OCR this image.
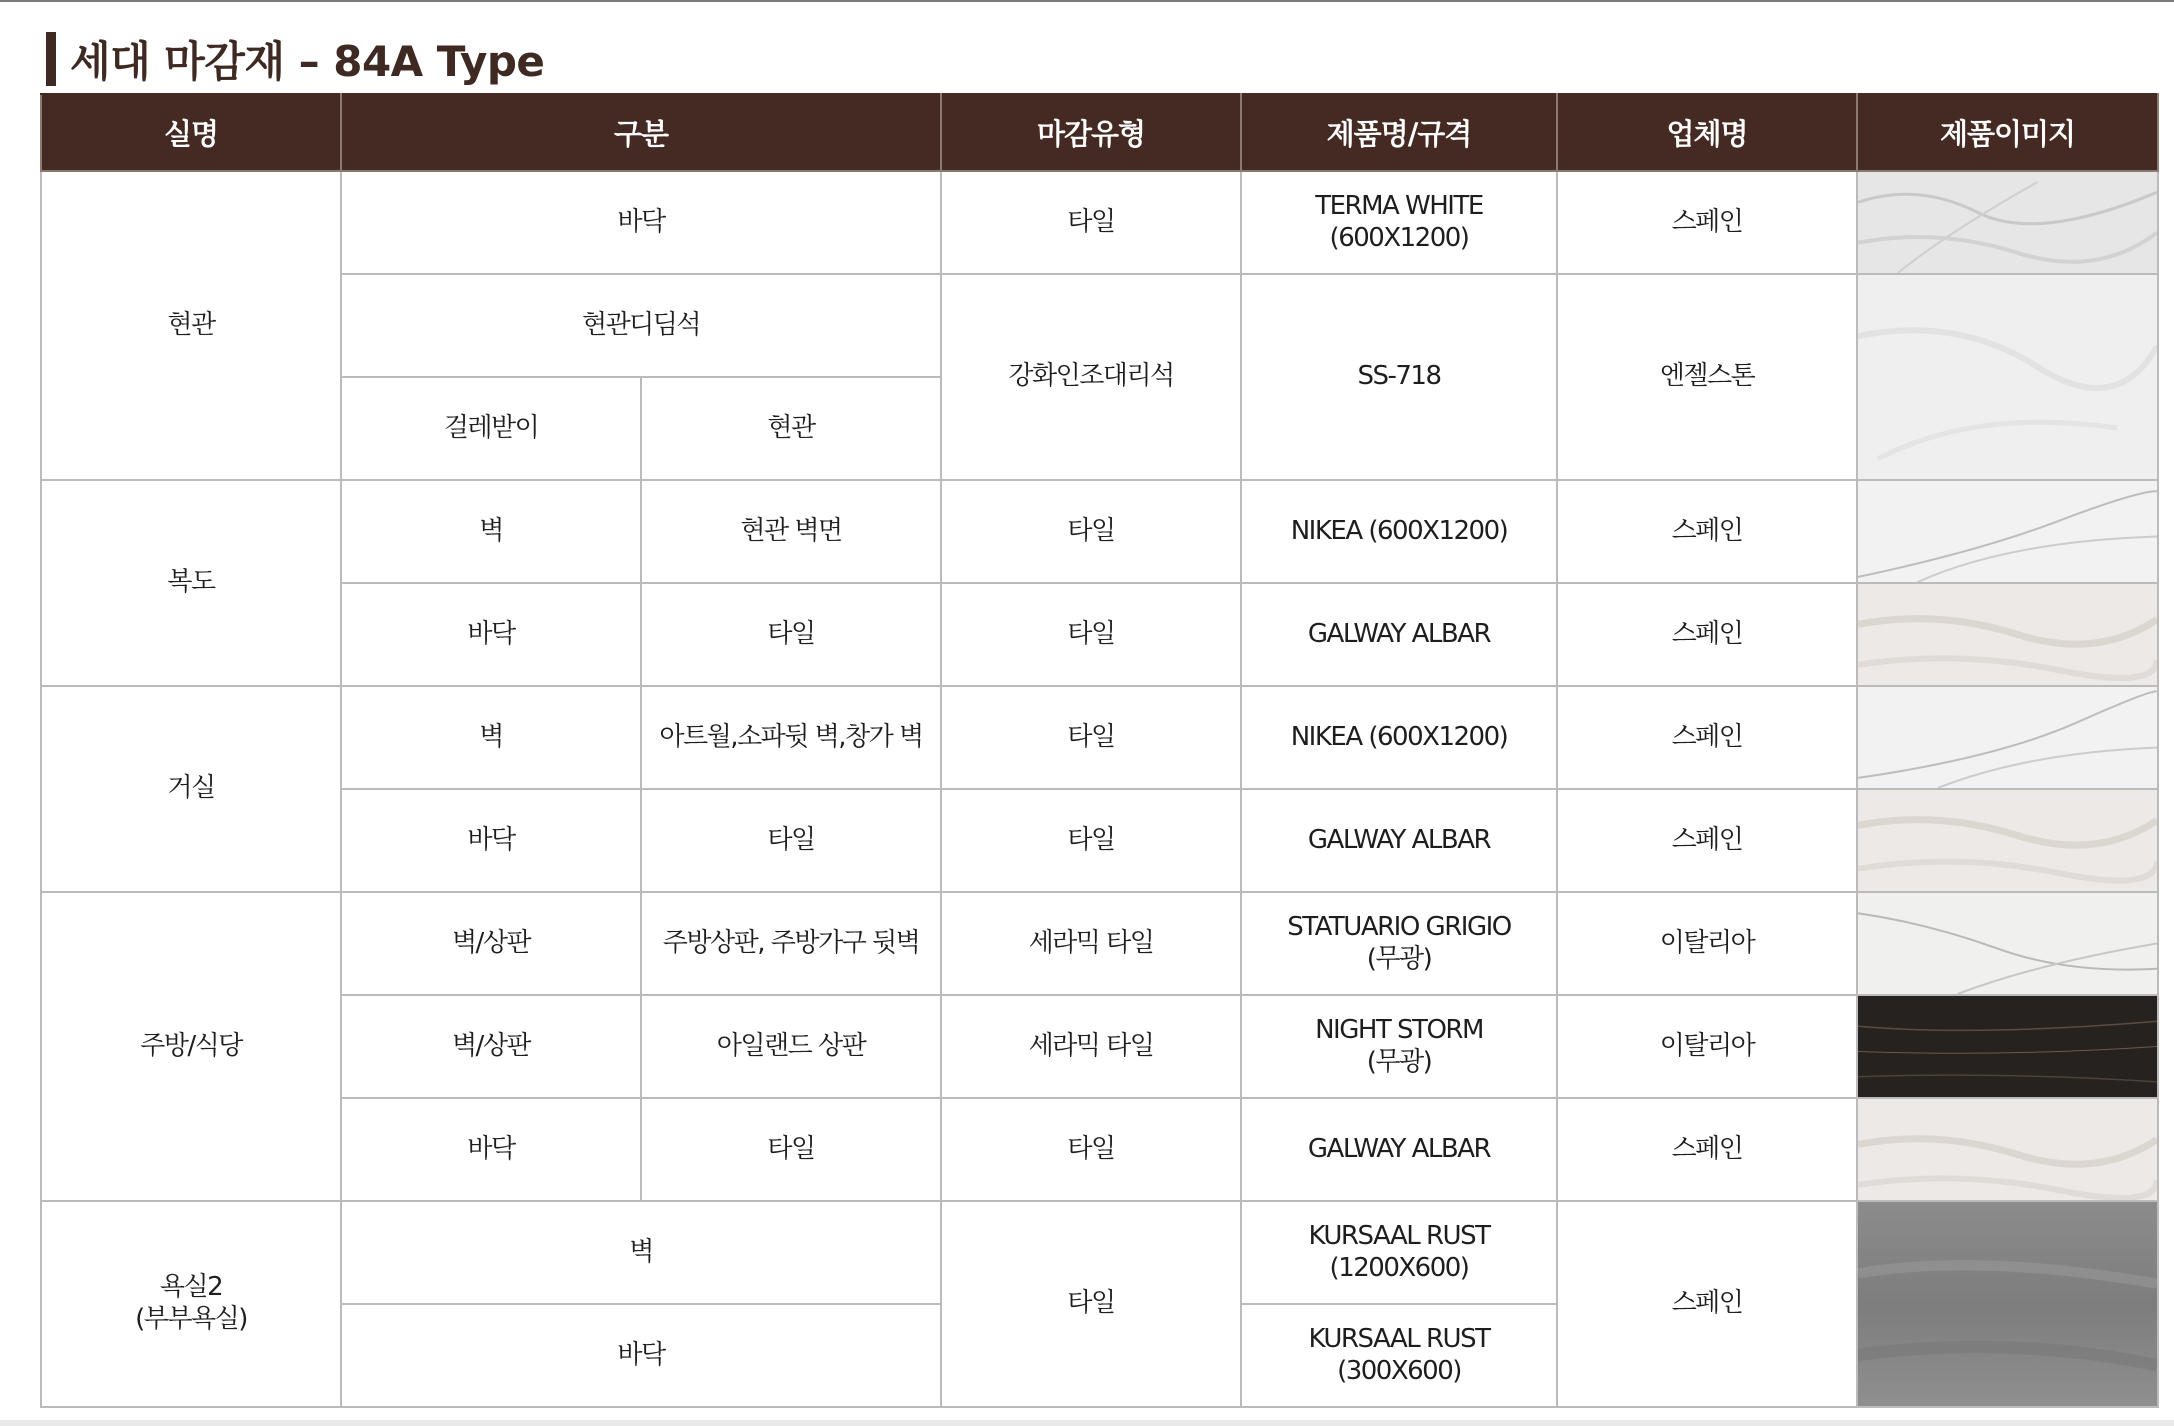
세대 마감재 – 84A Type
실명	구분		마감유형	제품명/규격	업체명	제품이미지
현관	바닥		타일	TERMA WHITE
(600X1200)	스페인	

	현관디딤석		강화인조대리석	SS-718	엔젤스톤	

	걸레받이	현관				
복도	벽	현관 벽면	타일	NIKEA (600X1200)	스페인	

	바닥	타일	타일	GALWAY ALBAR	스페인	

거실	벽	아트월,소파뒷 벽,창가 벽	타일	NIKEA (600X1200)	스페인	

	바닥	타일	타일	GALWAY ALBAR	스페인	

주방/식당	벽/상판	주방상판, 주방가구 뒷벽	세라믹 타일	STATUARIO GRIGIO
(무광)	이탈리아	

	벽/상판	아일랜드 상판	세라믹 타일	NIGHT STORM
(무광)	이탈리아	

	바닥	타일	타일	GALWAY ALBAR	스페인	

욕실2
(부부욕실)	벽		타일	KURSAAL RUST (1200X600)	스페인	

	바닥			KURSAAL RUST (300X600)		
